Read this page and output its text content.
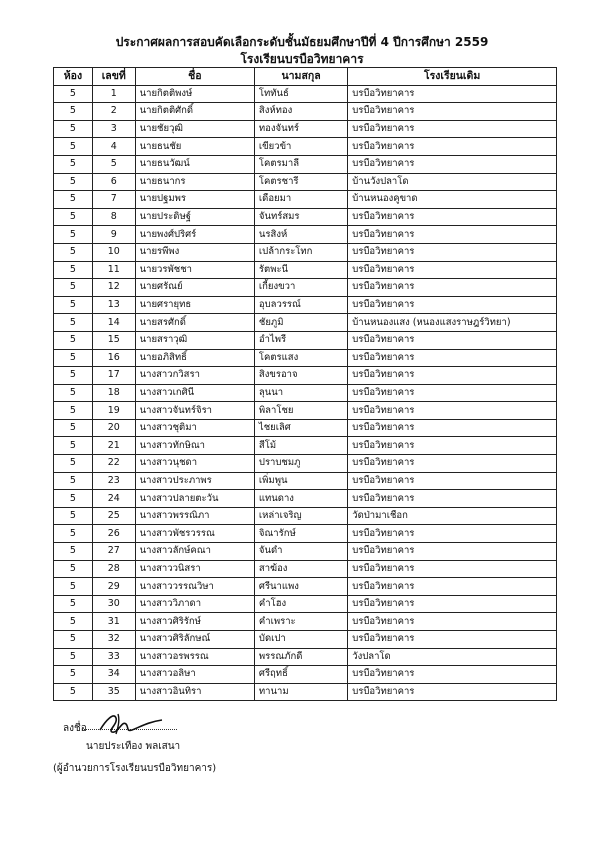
ประกาศผลการสอบคัดเลือกระดับชั้นมัธยมศึกษาปีที่ 4 ปีการศึกษา 2559
โรงเรียนบรบือวิทยาคาร
ห้อง	เลขที่	ชื่อ	นามสกุล	โรงเรียนเดิม
5	1	นายกิตติพงษ์	โททันธ์	บรบือวิทยาคาร
5	2	นายกิตติศักดิ์	สิงห์ทอง	บรบือวิทยาคาร
5	3	นายชัยวุฒิ	ทองจันทร์	บรบือวิทยาคาร
5	4	นายธนชัย	เขียวข้า	บรบือวิทยาคาร
5	5	นายธนวัฒน์	โคตรมาลี	บรบือวิทยาคาร
5	6	นายธนากร	โคตรชารี	บ้านวังปลาโด
5	7	นายปฐมพร	เดือยมา	บ้านหนองคูขาด
5	8	นายประดิษฐ์	จันทร์สมร	บรบือวิทยาคาร
5	9	นายพงศ์ปริศร์	นรสิงห์	บรบือวิทยาคาร
5	10	นายรพีพง	เปล้ากระโทก	บรบือวิทยาคาร
5	11	นายวรพัชชา	รัตพะนี	บรบือวิทยาคาร
5	12	นายศรัณย์	เกี้ยงขวา	บรบือวิทยาคาร
5	13	นายศรายุทธ	อุบลวรรณ์	บรบือวิทยาคาร
5	14	นายสรศักดิ์	ชัยภูมิ	บ้านหนองแสง (หนองแสงราษฎร์วิทยา)
5	15	นายสราวุฒิ	อำไพรี	บรบือวิทยาคาร
5	16	นายอภิสิทธิ์	โคตรแสง	บรบือวิทยาคาร
5	17	นางสาวกวิสรา	สิงขรอาจ	บรบือวิทยาคาร
5	18	นางสาวเกศินี	ลุนนา	บรบือวิทยาคาร
5	19	นางสาวจันทร์จิรา	พิลาโชย	บรบือวิทยาคาร
5	20	นางสาวชุติมา	ไชยเลิศ	บรบือวิทยาคาร
5	21	นางสาวทักษิณา	สีโม้	บรบือวิทยาคาร
5	22	นางสาวนุชดา	ปราบชมภู	บรบือวิทยาคาร
5	23	นางสาวประภาพร	เพิ่มพูน	บรบือวิทยาคาร
5	24	นางสาวปลายตะวัน	แทนดาง	บรบือวิทยาคาร
5	25	นางสาวพรรณิภา	เหล่าเจริญ	วัดป่ามาเชือก
5	26	นางสาวพัชรวรรณ	จิณารักษ์	บรบือวิทยาคาร
5	27	นางสาวลักษ์คณา	จันดำ	บรบือวิทยาคาร
5	28	นางสาววนิสรา	สาฆ้อง	บรบือวิทยาคาร
5	29	นางสาววรรณวิษา	ศรีนาแพง	บรบือวิทยาคาร
5	30	นางสาววิภาดา	คำโฮง	บรบือวิทยาคาร
5	31	นางสาวศิริรักษ์	คำเพราะ	บรบือวิทยาคาร
5	32	นางสาวศิริลักษณ์	บัดเปา	บรบือวิทยาคาร
5	33	นางสาวอรพรรณ	พรรณภักดี	วังปลาโด
5	34	นางสาวอลิษา	ศรีฤทธิ์	บรบือวิทยาคาร
5	35	นางสาวอินทิรา	ทานาม	บรบือวิทยาคาร
ลงชื่อ
นายประเทือง พลเสนา
(ผู้อำนวยการโรงเรียนบรบือวิทยาคาร)
